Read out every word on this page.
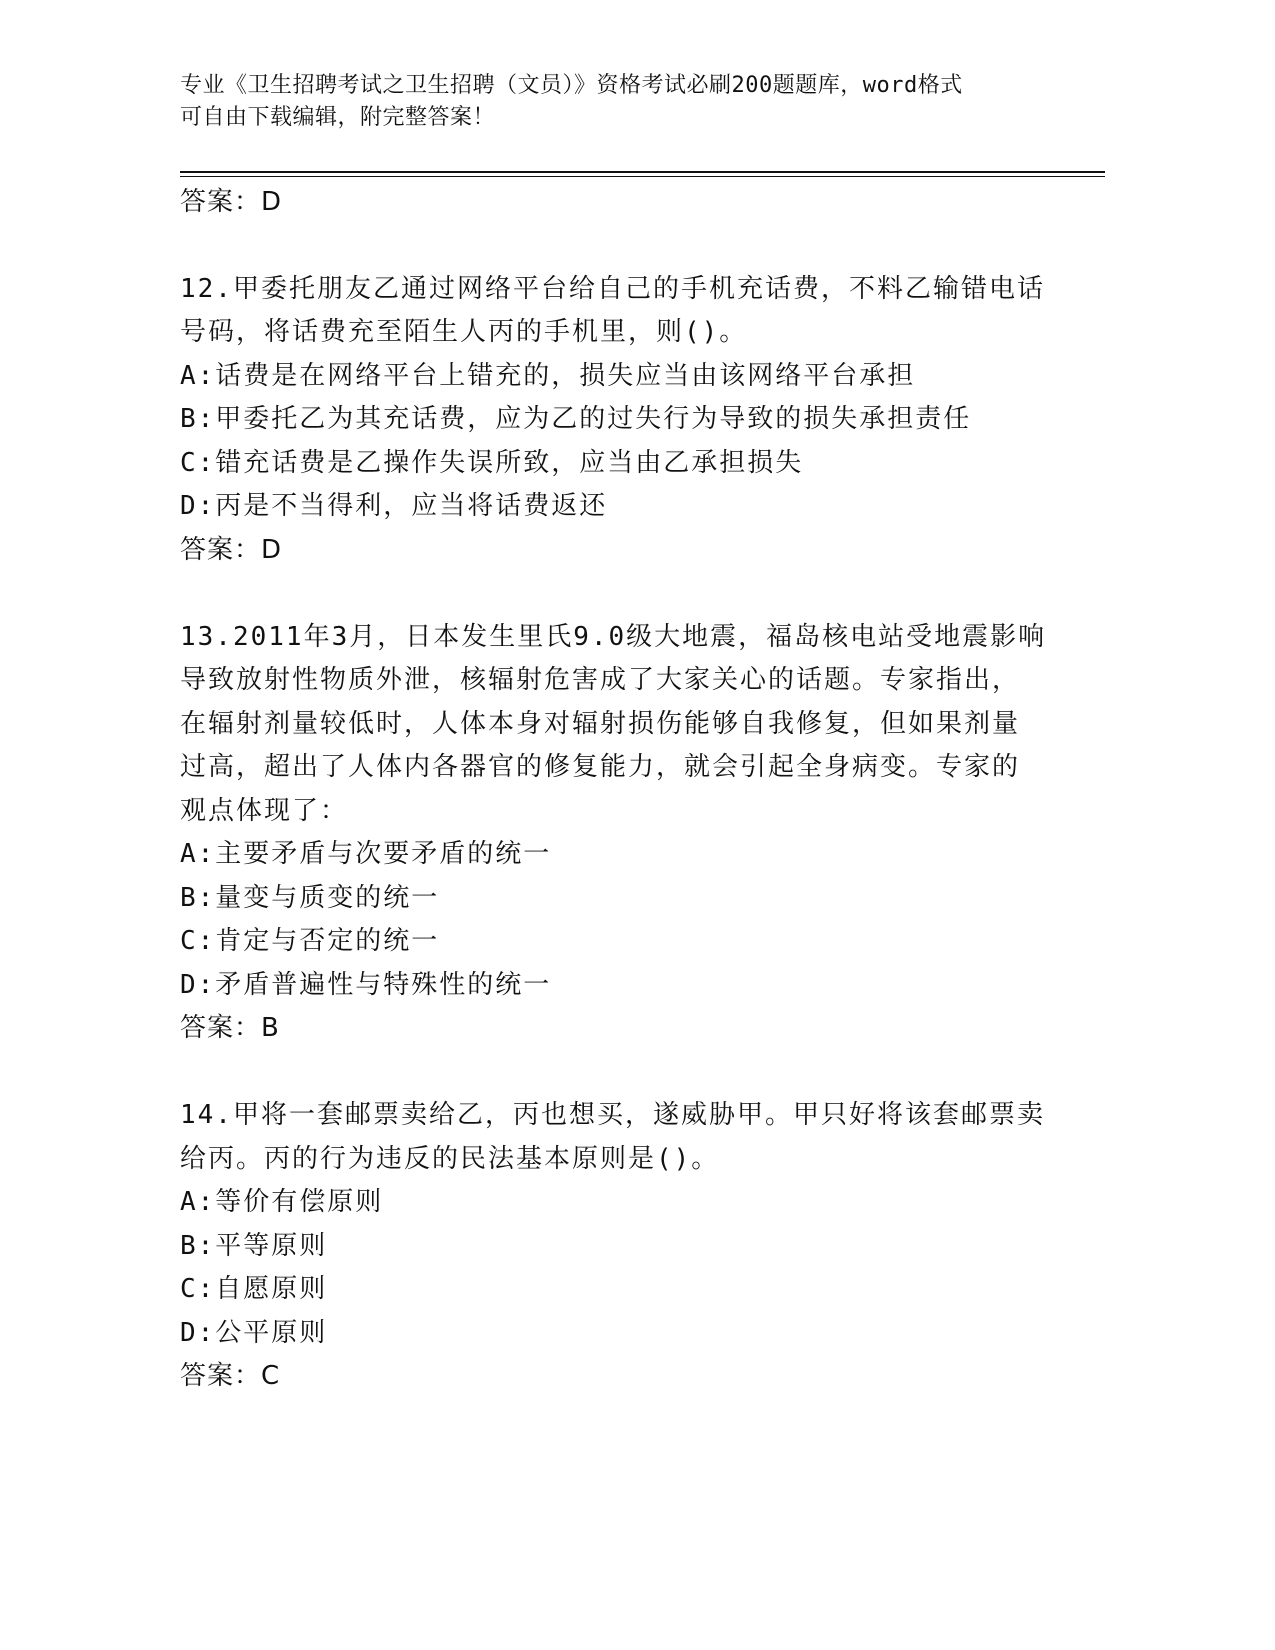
专业《卫生招聘考试之卫生招聘（文员）》资格考试必刷200题题库，word格式
可自由下载编辑，附完整答案！
答案：D
12.甲委托朋友乙通过网络平台给自己的手机充话费，不料乙输错电话
号码，将话费充至陌生人丙的手机里，则()。
A:话费是在网络平台上错充的，损失应当由该网络平台承担
B:甲委托乙为其充话费，应为乙的过失行为导致的损失承担责任
C:错充话费是乙操作失误所致，应当由乙承担损失
D:丙是不当得利，应当将话费返还
答案：D
13.2011年3月，日本发生里氏9.0级大地震，福岛核电站受地震影响
导致放射性物质外泄，核辐射危害成了大家关心的话题。专家指出，
在辐射剂量较低时，人体本身对辐射损伤能够自我修复，但如果剂量
过高，超出了人体内各器官的修复能力，就会引起全身病变。专家的
观点体现了：
A:主要矛盾与次要矛盾的统一
B:量变与质变的统一
C:肯定与否定的统一
D:矛盾普遍性与特殊性的统一
答案：B
14.甲将一套邮票卖给乙，丙也想买，遂威胁甲。甲只好将该套邮票卖
给丙。丙的行为违反的民法基本原则是()。
A:等价有偿原则
B:平等原则
C:自愿原则
D:公平原则
答案：C
